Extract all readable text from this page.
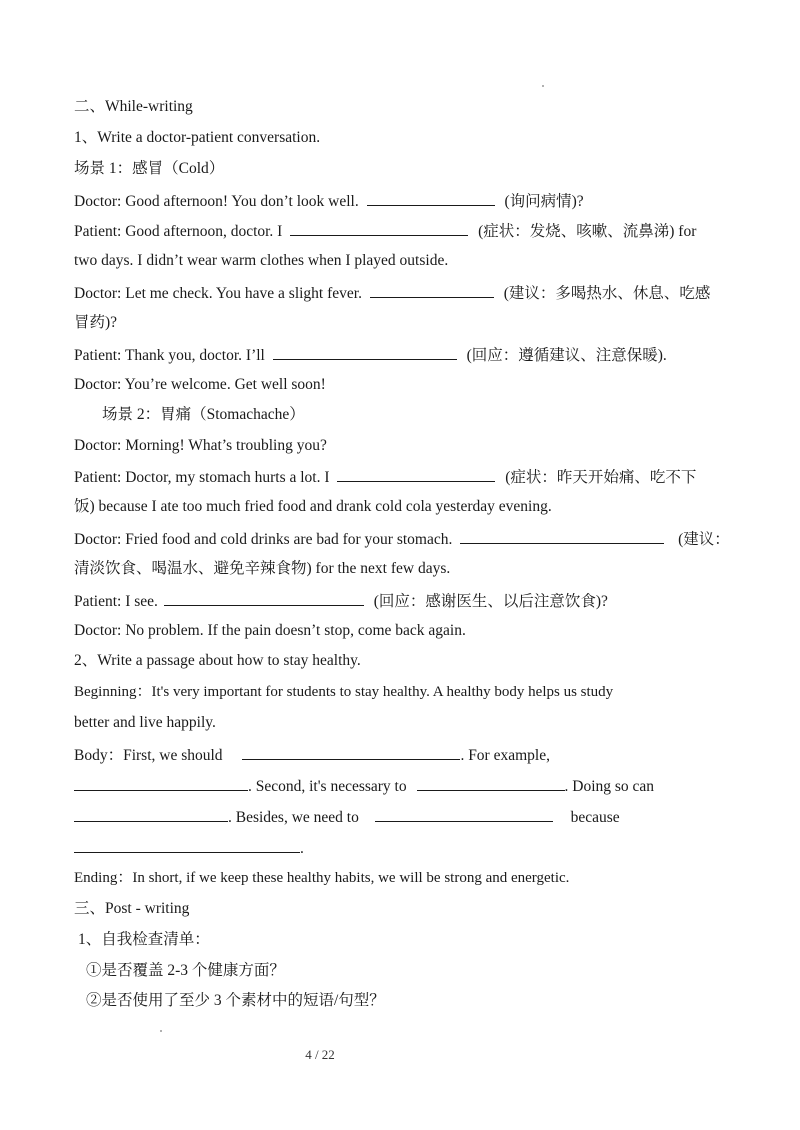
二、While-writing
1、Write a doctor-patient conversation.
场景 1：感冒（Cold）
Doctor: Good afternoon! You don’t look well.	(询问病情)?
Patient: Good afternoon, doctor. I	(症状：发烧、咳嗽、流鼻涕) for
two days. I didn’t wear warm clothes when I played outside.
Doctor: Let me check. You have a slight fever.	(建议：多喝热水、休息、吃感
冒药)?
Patient: Thank you, doctor. I’ll	(回应：遵循建议、注意保暖).
Doctor: You’re welcome. Get well soon!
场景 2：胃痛（Stomachache）
Doctor: Morning! What’s troubling you?
Patient: Doctor, my stomach hurts a lot. I	(症状：昨天开始痛、吃不下
饭) because I ate too much fried food and drank cold cola yesterday evening.
Doctor: Fried food and cold drinks are bad for your stomach.	(建议：
清淡饮食、喝温水、避免辛辣食物) for the next few days.
Patient: I see.	(回应：感谢医生、以后注意饮食)?
Doctor: No problem. If the pain doesn’t stop, come back again.
2、Write a passage about how to stay healthy.
Beginning：It's very important for students to stay healthy. A healthy body helps us study
better and live happily.
Body：First, we should	. For example,
. Second, it's necessary to	. Doing so can
. Besides, we need to	because
.
Ending：In short, if we keep these healthy habits, we will be strong and energetic.
三、Post - writing
1、自我检查清单：
①是否覆盖 2-3 个健康方面？
②是否使用了至少 3 个素材中的短语/句型？
4 / 22
